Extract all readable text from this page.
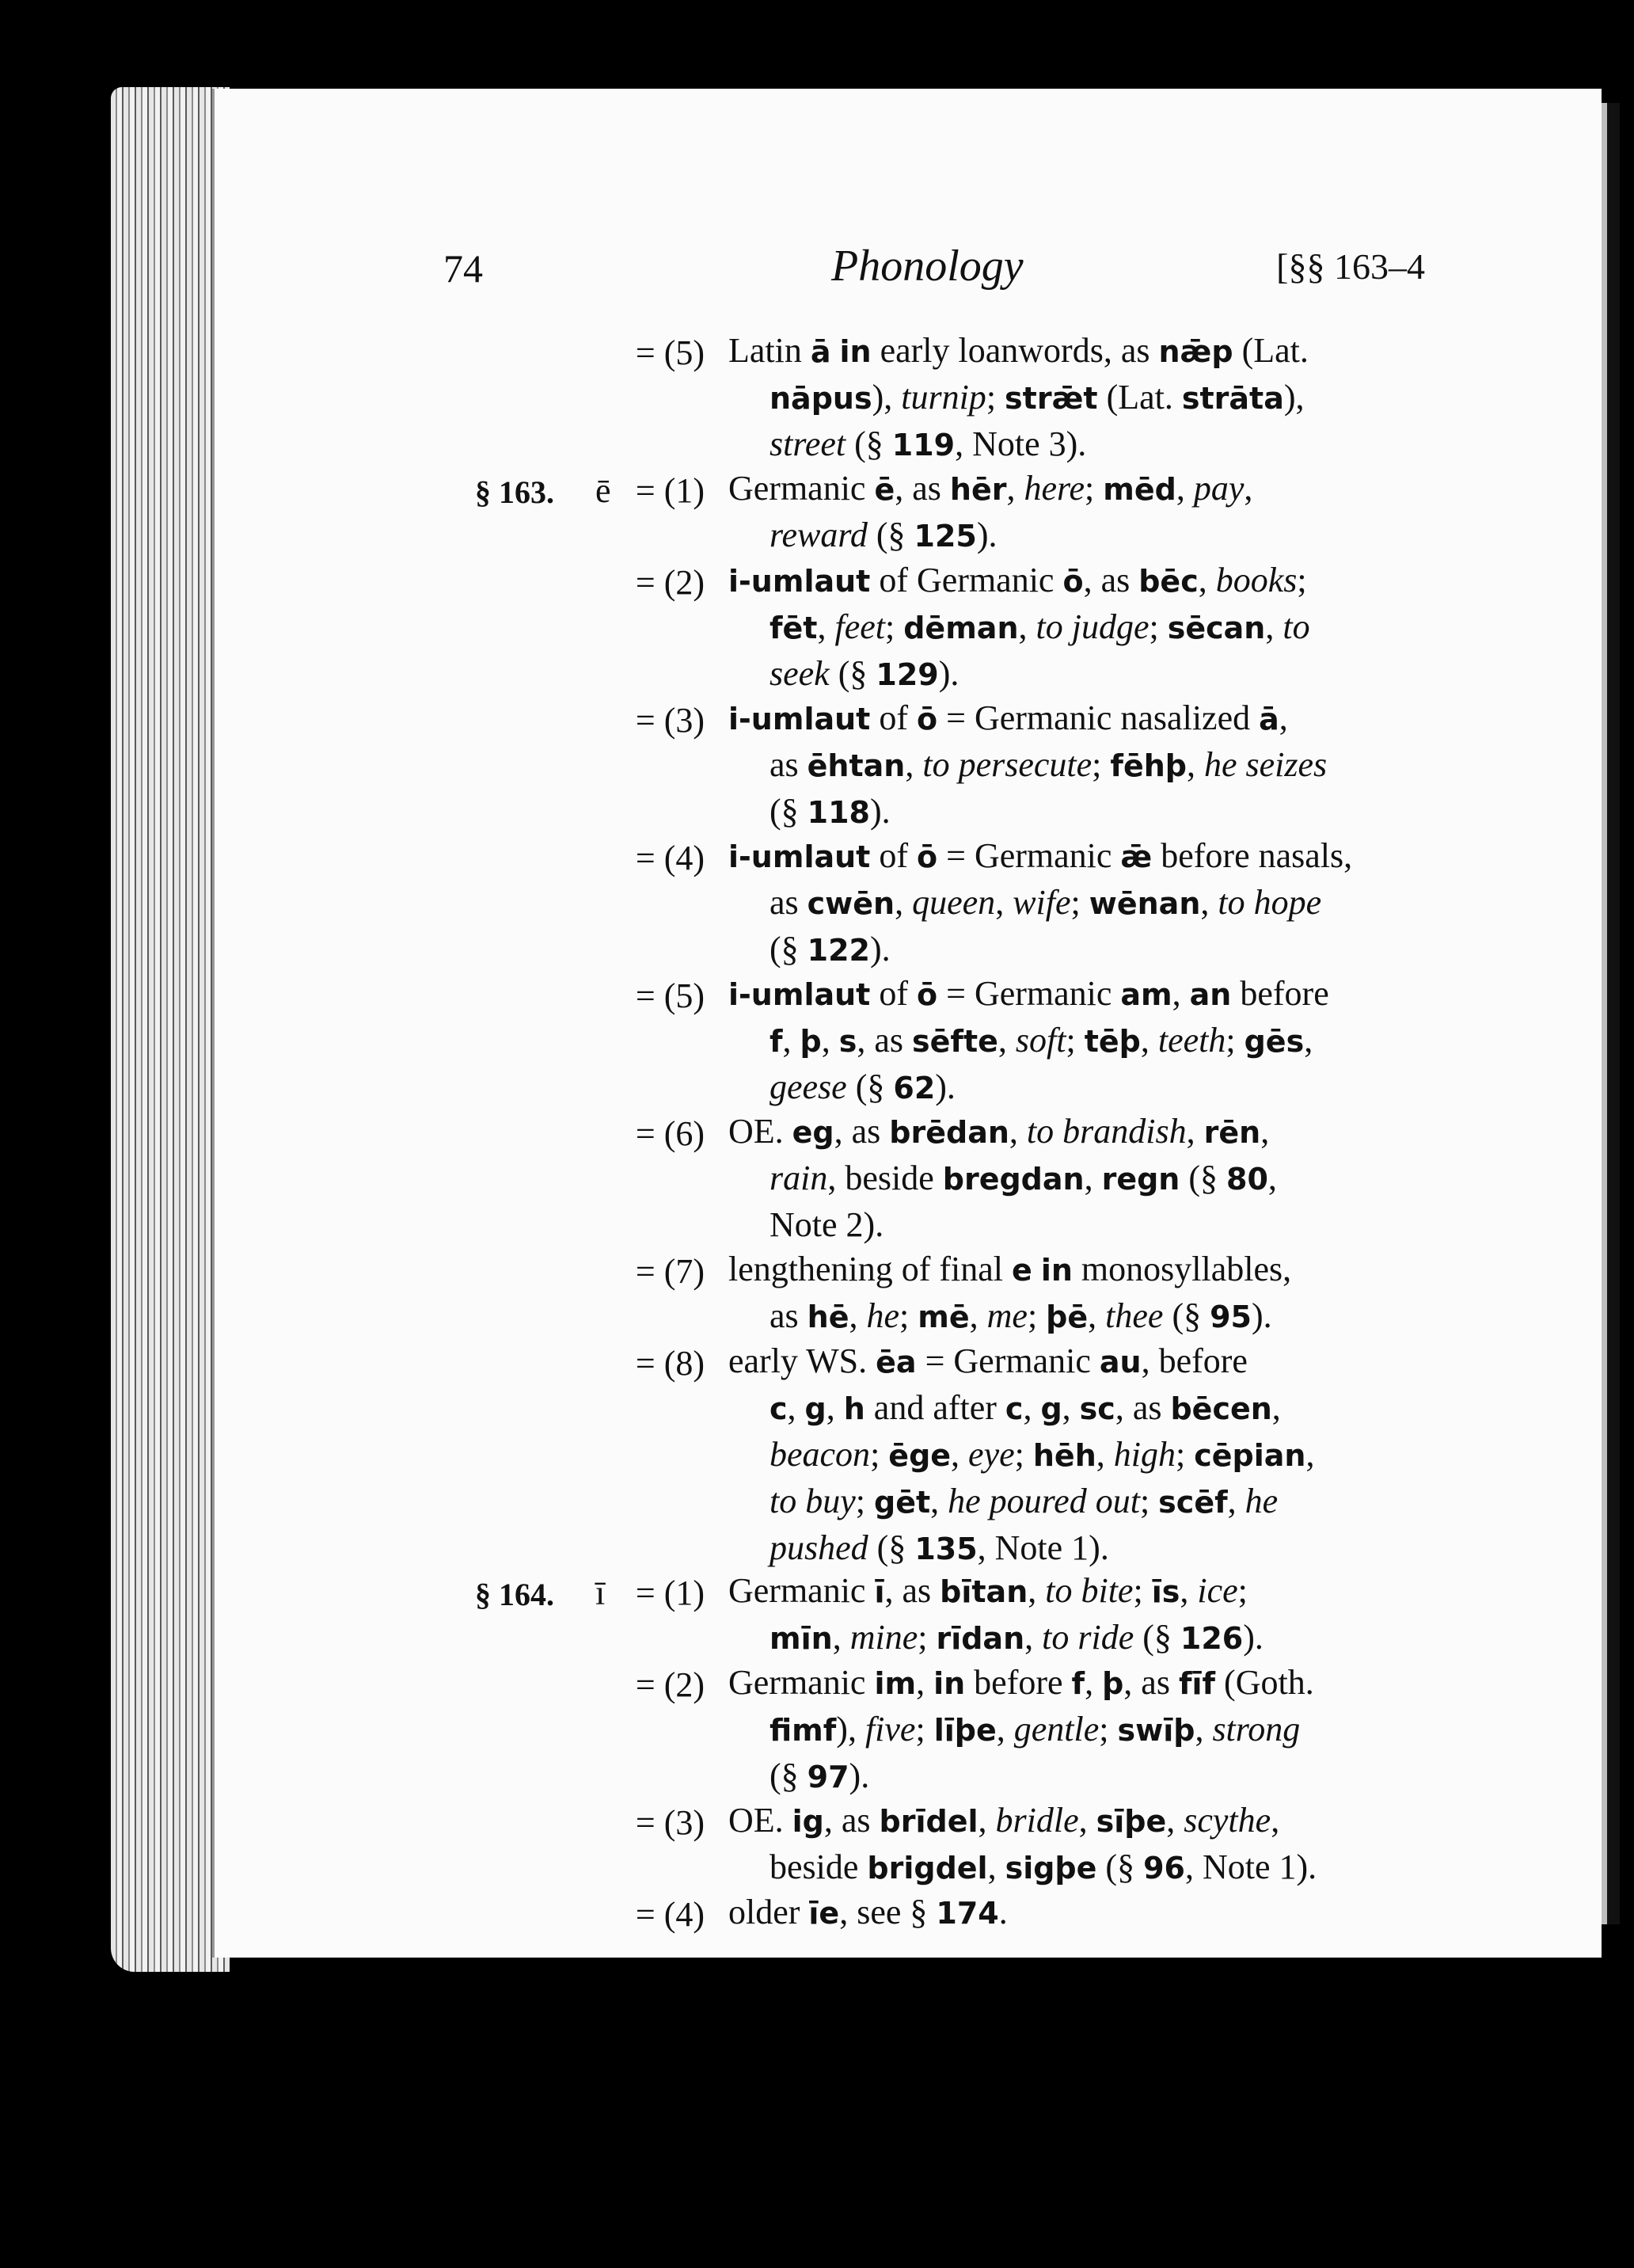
74	Phonology	[§§ 163–4
= (5) Latin ā in early loanwords, as nǣp (Lat.
nāpus), turnip; strǣt (Lat. strāta),
street (§ 119, Note 3).
§ 163. ē = (1) Germanic ē, as hēr, here; mēd, pay,
reward (§ 125).
= (2) i-umlaut of Germanic ō, as bēc, books;
fēt, feet; dēman, to judge; sēcan, to
seek (§ 129).
= (3) i-umlaut of ō = Germanic nasalized ā,
as ēhtan, to persecute; fēhþ, he seizes
(§ 118).
= (4) i-umlaut of ō = Germanic ǣ before nasals,
as cwēn, queen, wife; wēnan, to hope
(§ 122).
= (5) i-umlaut of ō = Germanic am, an before
f, þ, s, as sēfte, soft; tēþ, teeth; gēs,
geese (§ 62).
= (6) OE. eg, as brēdan, to brandish, rēn,
rain, beside bregdan, regn (§ 80,
Note 2).
= (7) lengthening of final e in monosyllables,
as hē, he; mē, me; þē, thee (§ 95).
= (8) early WS. ēa = Germanic au, before
c, g, h and after c, g, sc, as bēcen,
beacon; ēge, eye; hēh, high; cēpian,
to buy; gēt, he poured out; scēf, he
pushed (§ 135, Note 1).
§ 164. ī = (1) Germanic ī, as bītan, to bite; īs, ice;
mīn, mine; rīdan, to ride (§ 126).
= (2) Germanic im, in before f, þ, as fīf (Goth.
fimf), five; līþe, gentle; swīþ, strong
(§ 97).
= (3) OE. ig, as brīdel, bridle, sīþe, scythe,
beside brigdel, sigþe (§ 96, Note 1).
= (4) older īe, see § 174.
